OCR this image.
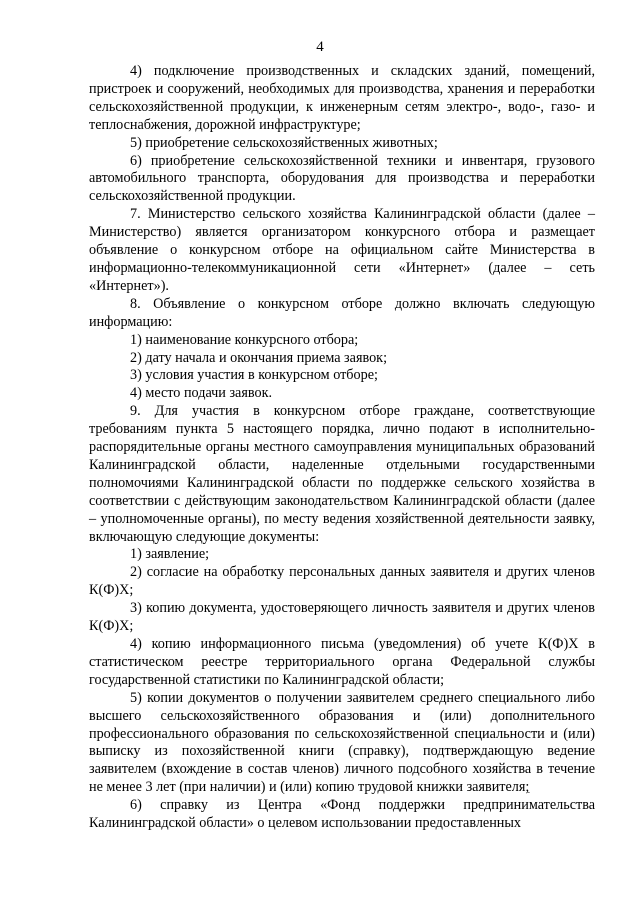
4

4) подключение производственных и складских зданий, помещений, пристроек и сооружений, необходимых для производства, хранения и переработки сельскохозяйственной продукции, к инженерным сетям электро-, водо-, газо- и теплоснабжения, дорожной инфраструктуре;

5) приобретение сельскохозяйственных животных;

6) приобретение сельскохозяйственной техники и инвентаря, грузового автомобильного транспорта, оборудования для производства и переработки сельскохозяйственной продукции.

7. Министерство сельского хозяйства Калининградской области (далее – Министерство) является организатором конкурсного отбора и размещает объявление о конкурсном отборе на официальном сайте Министерства в информационно-телекоммуникационной сети «Интернет» (далее – сеть «Интернет»).

8. Объявление о конкурсном отборе должно включать следующую информацию:

1) наименование конкурсного отбора;

2) дату начала и окончания приема заявок;

3) условия участия в конкурсном отборе;

4) место подачи заявок.

9. Для участия в конкурсном отборе граждане, соответствующие требованиям пункта 5 настоящего порядка, лично подают в исполнительно-распорядительные органы местного самоуправления муниципальных образований Калининградской области, наделенные отдельными государственными полномочиями Калининградской области по поддержке сельского хозяйства в соответствии с действующим законодательством Калининградской области (далее – уполномоченные органы), по месту ведения хозяйственной деятельности заявку, включающую следующие документы:

1) заявление;

2) согласие на обработку персональных данных заявителя и других членов К(Ф)Х;

3) копию документа, удостоверяющего личность заявителя и других членов К(Ф)Х;

4) копию информационного письма (уведомления) об учете К(Ф)Х в статистическом реестре территориального органа Федеральной службы государственной статистики по Калининградской области;

5) копии документов о получении заявителем среднего специального либо высшего сельскохозяйственного образования и (или) дополнительного профессионального образования по сельскохозяйственной специальности и (или) выписку из похозяйственной книги (справку), подтверждающую ведение заявителем (вхождение в состав членов) личного подсобного хозяйства в течение не менее 3 лет (при наличии) и (или) копию трудовой книжки заявителя;

6) справку из Центра «Фонд поддержки предпринимательства Калининградской области» о целевом использовании предоставленных
